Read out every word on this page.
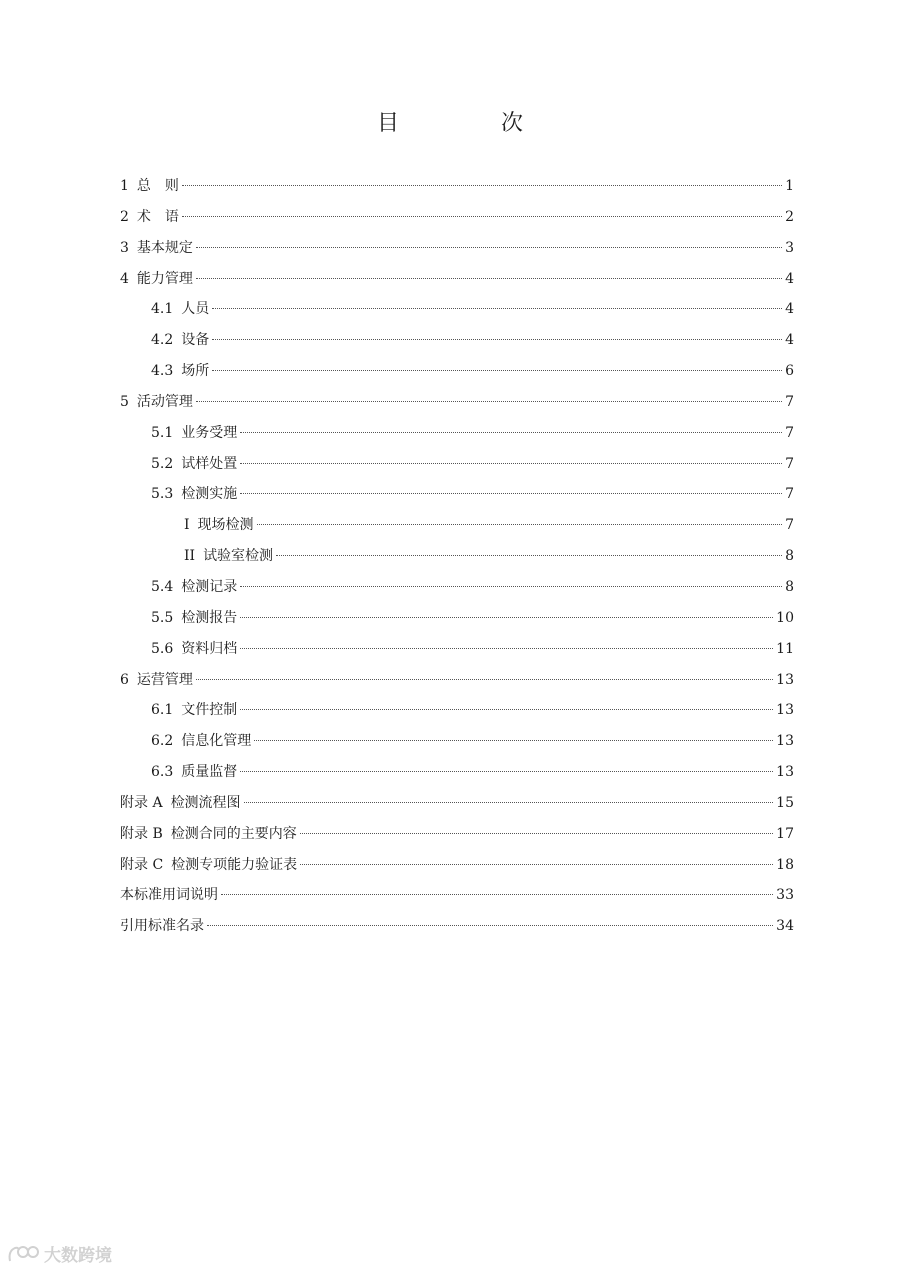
目　次
1 总　则	1
2 术　语	2
3 基本规定	3
4 能力管理	4
4.1 人员	4
4.2 设备	4
4.3 场所	6
5 活动管理	7
5.1 业务受理	7
5.2 试样处置	7
5.3 检测实施	7
I 现场检测	7
II 试验室检测	8
5.4 检测记录	8
5.5 检测报告	10
5.6 资料归档	11
6 运营管理	13
6.1 文件控制	13
6.2 信息化管理	13
6.3 质量监督	13
附录 A 检测流程图	15
附录 B 检测合同的主要内容	17
附录 C 检测专项能力验证表	18
本标准用词说明	33
引用标准名录	34
大数跨境
